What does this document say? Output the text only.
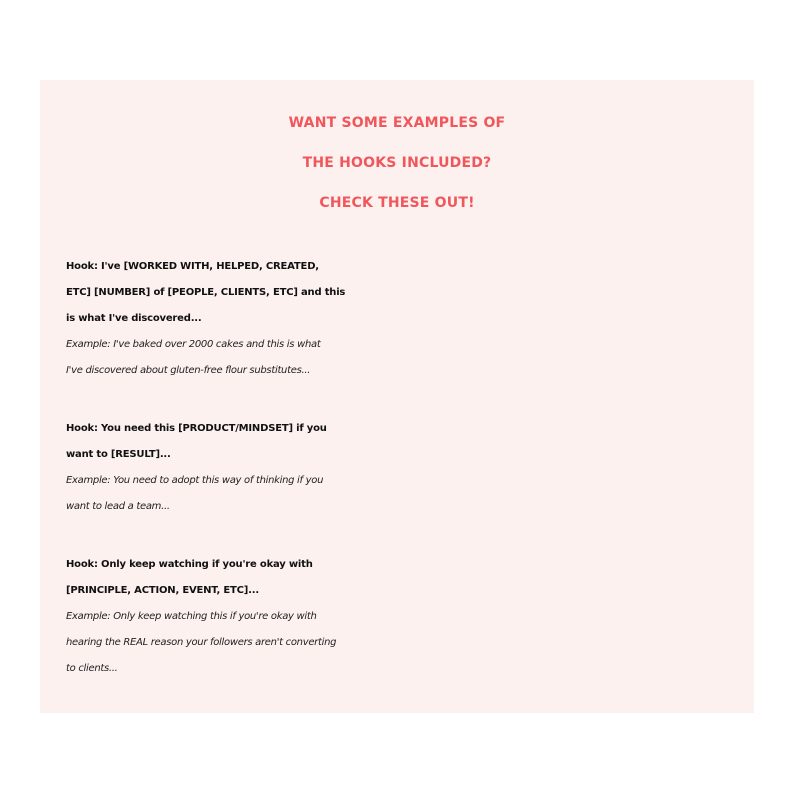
WANT SOME EXAMPLES OF
THE HOOKS INCLUDED?
CHECK THESE OUT!

Hook: I've [WORKED WITH, HELPED, CREATED,
ETC] [NUMBER] of [PEOPLE, CLIENTS, ETC] and this
is what I've discovered...

Example: I've baked over 2000 cakes and this is what
I've discovered about gluten-free flour substitutes...

Hook: You need this [PRODUCT/MINDSET] if you
want to [RESULT]...

Example: You need to adopt this way of thinking if you
want to lead a team...

Hook: Only keep watching if you're okay with
[PRINCIPLE, ACTION, EVENT, ETC]...

Example: Only keep watching this if you're okay with
hearing the REAL reason your followers aren't converting
to clients...
